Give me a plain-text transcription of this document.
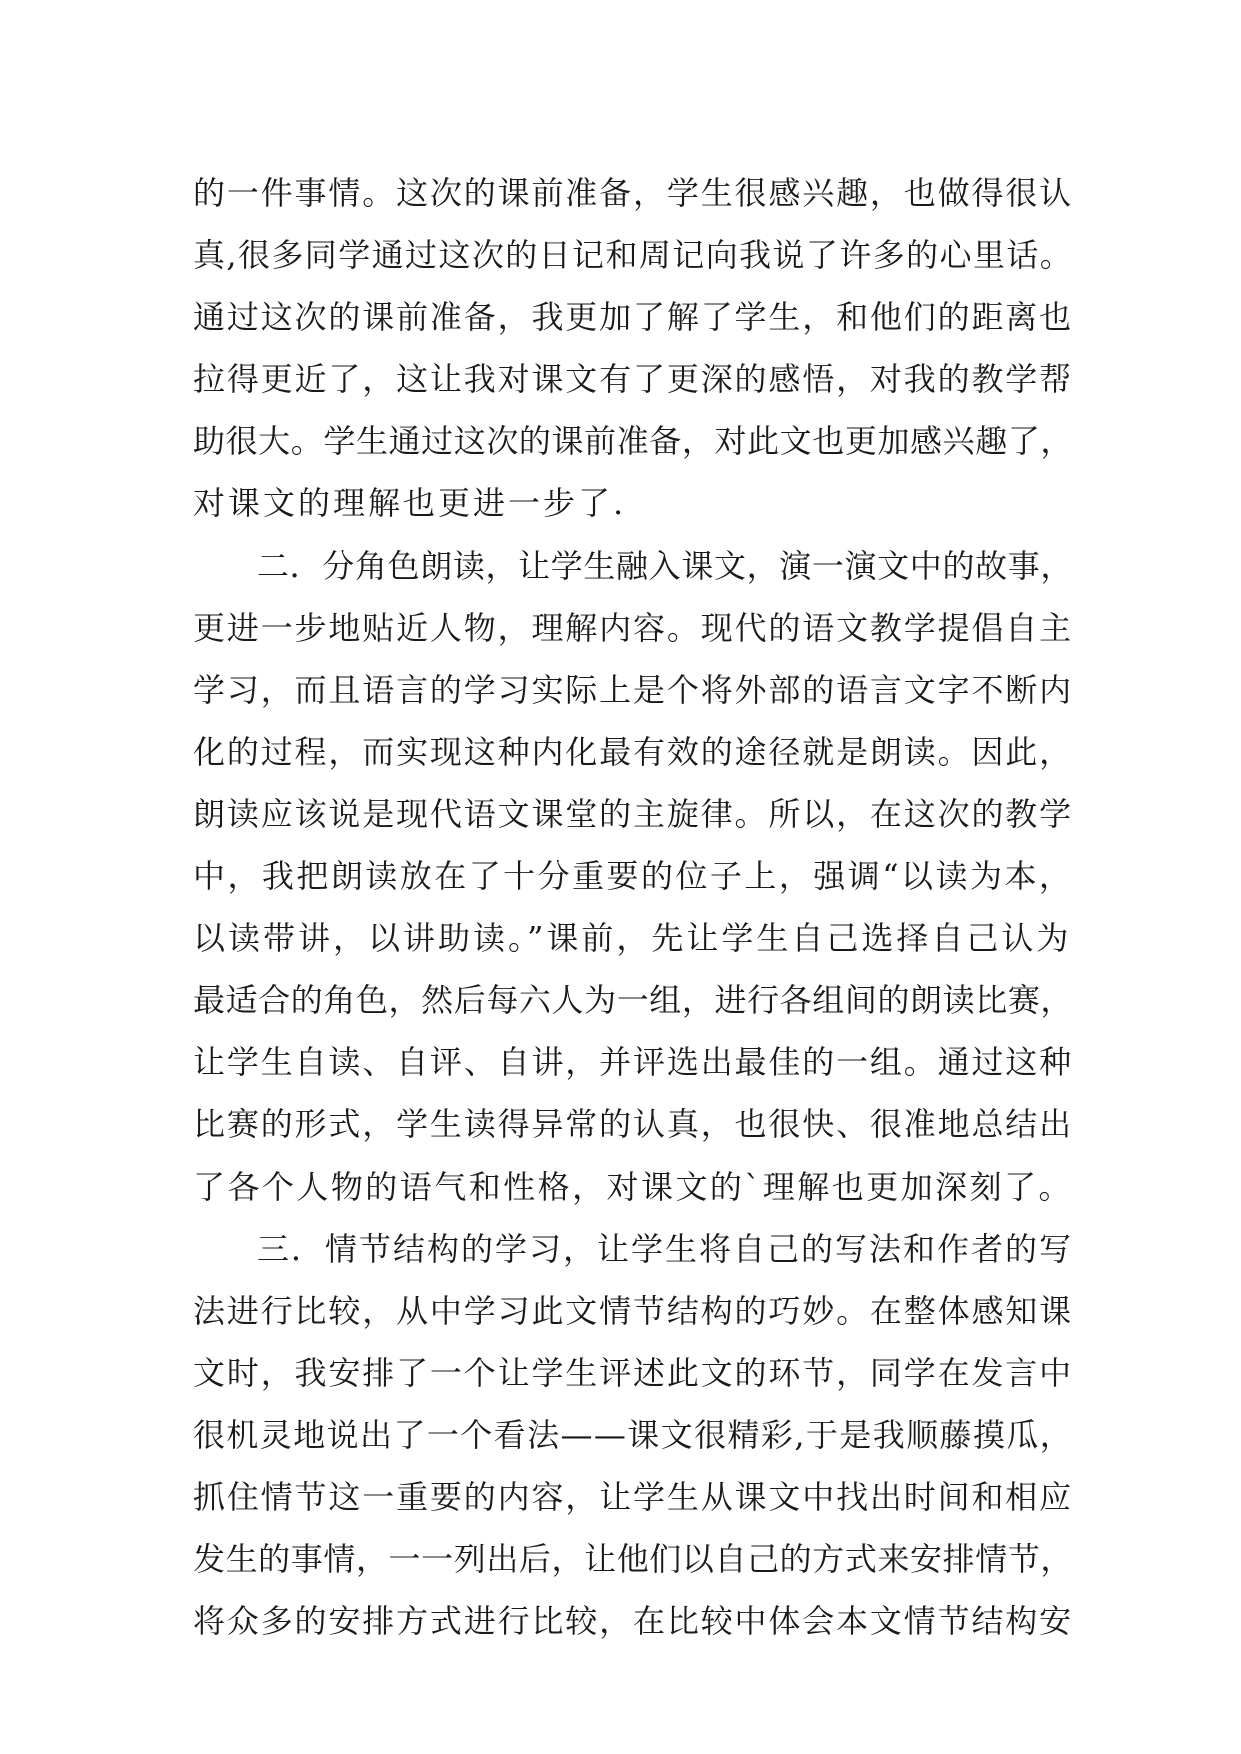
的一件事情。这次的课前准备，学生很感兴趣，也做得很认
真,很多同学通过这次的日记和周记向我说了许多的心里话。
通过这次的课前准备，我更加了解了学生，和他们的距离也
拉得更近了，这让我对课文有了更深的感悟，对我的教学帮
助很大。学生通过这次的课前准备，对此文也更加感兴趣了，
对课文的理解也更进一步了.
二．分角色朗读，让学生融入课文，演一演文中的故事，
更进一步地贴近人物，理解内容。现代的语文教学提倡自主
学习，而且语言的学习实际上是个将外部的语言文字不断内
化的过程，而实现这种内化最有效的途径就是朗读。因此，
朗读应该说是现代语文课堂的主旋律。所以，在这次的教学
中，我把朗读放在了十分重要的位子上，强调“以读为本，
以读带讲，以讲助读。”课前，先让学生自己选择自己认为
最适合的角色，然后每六人为一组，进行各组间的朗读比赛，
让学生自读、自评、自讲，并评选出最佳的一组。通过这种
比赛的形式，学生读得异常的认真，也很快、很准地总结出
了各个人物的语气和性格，对课文的`理解也更加深刻了。
三．情节结构的学习，让学生将自己的写法和作者的写
法进行比较，从中学习此文情节结构的巧妙。在整体感知课
文时，我安排了一个让学生评述此文的环节，同学在发言中
很机灵地说出了一个看法——课文很精彩,于是我顺藤摸瓜，
抓住情节这一重要的内容，让学生从课文中找出时间和相应
发生的事情，一一列出后，让他们以自己的方式来安排情节，
将众多的安排方式进行比较，在比较中体会本文情节结构安
